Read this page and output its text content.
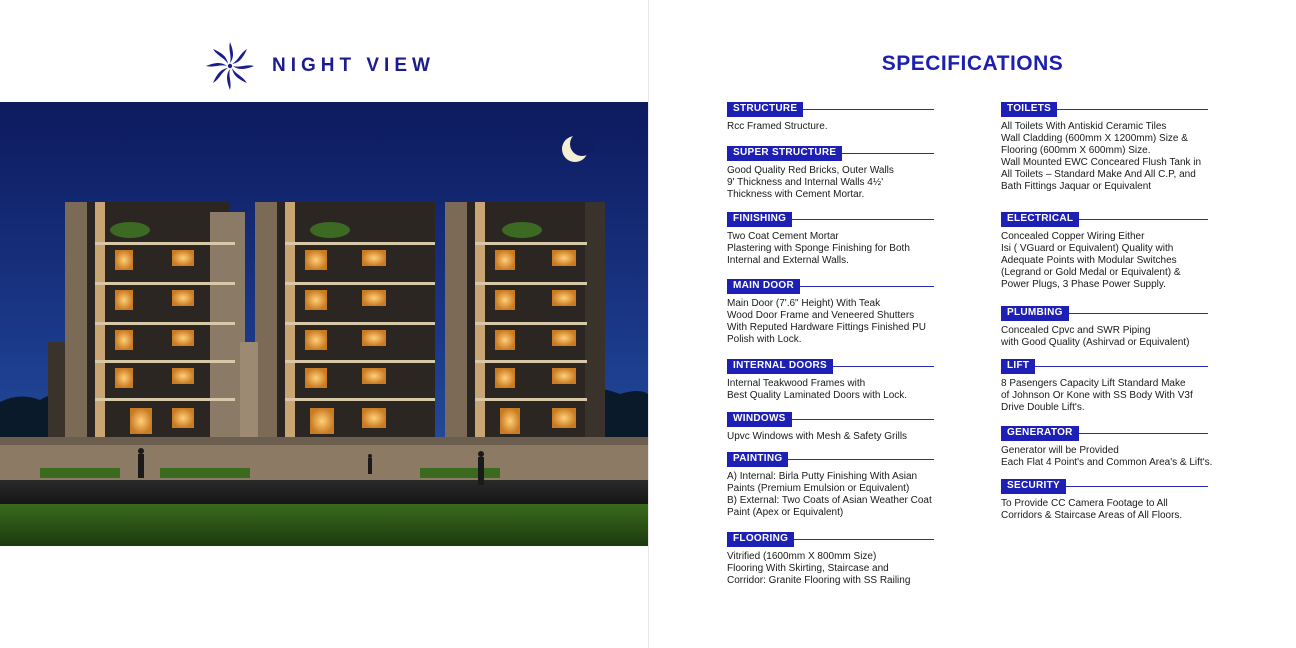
NIGHT VIEW	SPECIFICATIONS
STRUCTURE
Rcc Framed Structure.
SUPER STRUCTURE
Good Quality Red Bricks, Outer Walls
9' Thickness and Internal Walls 4½'
Thickness with Cement Mortar.
FINISHING
Two Coat Cement Mortar
Plastering with Sponge Finishing for Both
Internal and External Walls.
MAIN DOOR
Main Door (7'.6" Height) With Teak
Wood Door Frame and Veneered Shutters
With Reputed Hardware Fittings Finished PU
Polish with Lock.
INTERNAL DOORS
Internal Teakwood Frames with
Best Quality Laminated Doors with Lock.
WINDOWS
Upvc Windows with Mesh & Safety Grills
PAINTING
A) Internal: Birla Putty Finishing With Asian
Paints (Premium Emulsion or Equivalent)
B) External: Two Coats of Asian Weather Coat
Paint (Apex or Equivalent)
FLOORING
Vitrified (1600mm X 800mm Size)
Flooring With Skirting, Staircase and
Corridor: Granite Flooring with SS Railing
TOILETS
All Toilets With Antiskid Ceramic Tiles
Wall Cladding (600mm X 1200mm) Size &
Flooring (600mm X 600mm) Size.
Wall Mounted EWC Conceared Flush Tank in
All Toilets – Standard Make And All C.P, and
Bath Fittings Jaquar or Equivalent
ELECTRICAL
Concealed Copper Wiring Either
Isi ( VGuard or Equivalent) Quality with
Adequate Points with Modular Switches
(Legrand or Gold Medal or Equivalent) &
Power Plugs, 3 Phase Power Supply.
PLUMBING
Concealed Cpvc and SWR Piping
with Good Quality (Ashirvad or Equivalent)
LIFT
8 Pasengers Capacity Lift Standard Make
of Johnson Or Kone with SS Body With V3f
Drive Double Lift's.
GENERATOR
Generator will be Provided
Each Flat 4 Point's and Common Area's & Lift's.
SECURITY
To Provide CC Camera Footage to All
Corridors & Staircase Areas of All Floors.
